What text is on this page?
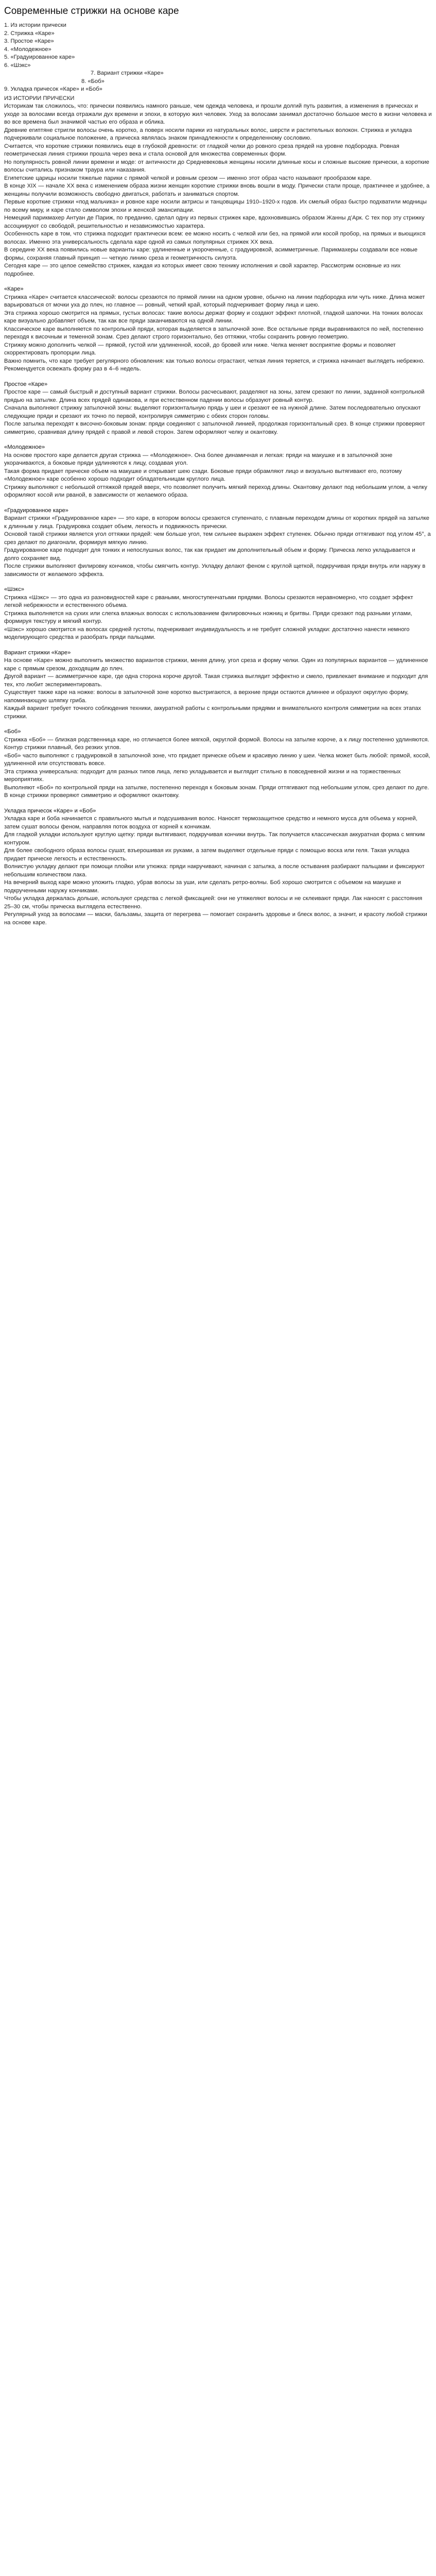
Современные стрижки на основе каре
1. Из истории прически
2. Стрижка «Каре»
3. Простое «Каре»
4. «Молодежное»
5. «Градуированное каре»
6. «Шэкс»
7. Вариант стрижки «Каре»
8. «Боб»
9. Укладка причесок «Каре» и «Боб»
ИЗ ИСТОРИИ ПРИЧЕСКИ

Историкам так сложилось, что: прически появились намного раньше, чем одежда человека, и прошли долгий путь развития, а изменения в прическах и уходе за волосами всегда отражали дух времени и эпохи, в которую жил человек. Уход за волосами занимал достаточно большое место в жизни человека и во все времена был значимой частью его образа и облика.

Древние египтяне стригли волосы очень коротко, а поверх носили парики из натуральных волос, шерсти и растительных волокон. Стрижка и укладка подчеркивали социальное положение, а прическа являлась знаком принадлежности к определенному сословию.

Считается, что короткие стрижки появились еще в глубокой древности: от гладкой челки до ровного среза прядей на уровне подбородка. Ровная геометрическая линия стрижки прошла через века и стала основой для множества современных форм.

Но популярность ровной линии времени и моде: от античности до Средневековья женщины носили длинные косы и сложные высокие прически, а короткие волосы считались признаком траура или наказания.

Египетские царицы носили тяжелые парики с прямой челкой и ровным срезом — именно этот образ часто называют прообразом каре.

В конце XIX — начале XX века с изменением образа жизни женщин короткие стрижки вновь вошли в моду. Прически стали проще, практичнее и удобнее, а женщины получили возможность свободно двигаться, работать и заниматься спортом.

Первые короткие стрижки «под мальчика» и ровное каре носили актрисы и танцовщицы 1910–1920-х годов. Их смелый образ быстро подхватили модницы по всему миру, и каре стало символом эпохи и женской эмансипации.

Немецкий парикмахер Антуан де Париж, по преданию, сделал одну из первых стрижек каре, вдохновившись образом Жанны д’Арк. С тех пор эту стрижку ассоциируют со свободой, решительностью и независимостью характера.

Особенность каре в том, что стрижка подходит практически всем: ее можно носить с челкой или без, на прямой или косой пробор, на прямых и вьющихся волосах. Именно эта универсальность сделала каре одной из самых популярных стрижек XX века.

В середине XX века появились новые варианты каре: удлиненные и укороченные, с градуировкой, асимметричные. Парикмахеры создавали все новые формы, сохраняя главный принцип — четкую линию среза и геометричность силуэта.

Сегодня каре — это целое семейство стрижек, каждая из которых имеет свою технику исполнения и свой характер. Рассмотрим основные из них подробнее.

«Каре»

Стрижка «Каре» считается классической: волосы срезаются по прямой линии на одном уровне, обычно на линии подбородка или чуть ниже. Длина может варьироваться от мочки уха до плеч, но главное — ровный, четкий край, который подчеркивает форму лица и шею.

Эта стрижка хорошо смотрится на прямых, густых волосах: такие волосы держат форму и создают эффект плотной, гладкой шапочки. На тонких волосах каре визуально добавляет объем, так как все пряди заканчиваются на одной линии.

Классическое каре выполняется по контрольной пряди, которая выделяется в затылочной зоне. Все остальные пряди выравниваются по ней, постепенно переходя к височным и теменной зонам. Срез делают строго горизонтально, без оттяжки, чтобы сохранить ровную геометрию.

Стрижку можно дополнить челкой — прямой, густой или удлиненной, косой, до бровей или ниже. Челка меняет восприятие формы и позволяет скорректировать пропорции лица.

Важно помнить, что каре требует регулярного обновления: как только волосы отрастают, четкая линия теряется, и стрижка начинает выглядеть небрежно. Рекомендуется освежать форму раз в 4–6 недель.

Простое «Каре»

Простое каре — самый быстрый и доступный вариант стрижки. Волосы расчесывают, разделяют на зоны, затем срезают по линии, заданной контрольной прядью на затылке. Длина всех прядей одинакова, и при естественном падении волосы образуют ровный контур.

Сначала выполняют стрижку затылочной зоны: выделяют горизонтальную прядь у шеи и срезают ее на нужной длине. Затем последовательно опускают следующие пряди и срезают их точно по первой, контролируя симметрию с обеих сторон головы.

После затылка переходят к височно-боковым зонам: пряди соединяют с затылочной линией, продолжая горизонтальный срез. В конце стрижки проверяют симметрию, сравнивая длину прядей с правой и левой сторон. Затем оформляют челку и окантовку.

«Молодежное»

На основе простого каре делается другая стрижка — «Молодежное». Она более динамичная и легкая: пряди на макушке и в затылочной зоне укорачиваются, а боковые пряди удлиняются к лицу, создавая угол.

Такая форма придает прическе объем на макушке и открывает шею сзади. Боковые пряди обрамляют лицо и визуально вытягивают его, поэтому «Молодежное» каре особенно хорошо подходит обладательницам круглого лица.

Стрижку выполняют с небольшой оттяжкой прядей вверх, что позволяет получить мягкий переход длины. Окантовку делают под небольшим углом, а челку оформляют косой или рваной, в зависимости от желаемого образа.

«Градуированное каре»

Вариант стрижки «Градуированное каре» — это каре, в котором волосы срезаются ступенчато, с плавным переходом длины от коротких прядей на затылке к длинным у лица. Градуировка создает объем, легкость и подвижность прически.

Основой такой стрижки является угол оттяжки прядей: чем больше угол, тем сильнее выражен эффект ступенек. Обычно пряди оттягивают под углом 45°, а срез делают по диагонали, формируя мягкую линию.

Градуированное каре подходит для тонких и непослушных волос, так как придает им дополнительный объем и форму. Прическа легко укладывается и долго сохраняет вид.

После стрижки выполняют филировку кончиков, чтобы смягчить контур. Укладку делают феном с круглой щеткой, подкручивая пряди внутрь или наружу в зависимости от желаемого эффекта.

«Шэкс»

Стрижка «Шэкс» — это одна из разновидностей каре с рваными, многоступенчатыми прядями. Волосы срезаются неравномерно, что создает эффект легкой небрежности и естественного объема.

Стрижка выполняется на сухих или слегка влажных волосах с использованием филировочных ножниц и бритвы. Пряди срезают под разными углами, формируя текстуру и мягкий контур.

«Шэкс» хорошо смотрится на волосах средней густоты, подчеркивает индивидуальность и не требует сложной укладки: достаточно нанести немного моделирующего средства и разобрать пряди пальцами.

Вариант стрижки «Каре»

На основе «Каре» можно выполнить множество вариантов стрижки, меняя длину, угол среза и форму челки. Один из популярных вариантов — удлиненное каре с прямым срезом, доходящим до плеч.

Другой вариант — асимметричное каре, где одна сторона короче другой. Такая стрижка выглядит эффектно и смело, привлекает внимание и подходит для тех, кто любит экспериментировать.

Существует также каре на ножке: волосы в затылочной зоне коротко выстригаются, а верхние пряди остаются длиннее и образуют округлую форму, напоминающую шляпку гриба.

Каждый вариант требует точного соблюдения техники, аккуратной работы с контрольными прядями и внимательного контроля симметрии на всех этапах стрижки.

«Боб»

Стрижка «Боб» — близкая родственница каре, но отличается более мягкой, округлой формой. Волосы на затылке короче, а к лицу постепенно удлиняются. Контур стрижки плавный, без резких углов.

«Боб» часто выполняют с градуировкой в затылочной зоне, что придает прическе объем и красивую линию у шеи. Челка может быть любой: прямой, косой, удлиненной или отсутствовать вовсе.

Эта стрижка универсальна: подходит для разных типов лица, легко укладывается и выглядит стильно в повседневной жизни и на торжественных мероприятиях.

Выполняют «Боб» по контрольной пряди на затылке, постепенно переходя к боковым зонам. Пряди оттягивают под небольшим углом, срез делают по дуге. В конце стрижки проверяют симметрию и оформляют окантовку.

Укладка причесок «Каре» и «Боб»

Укладка каре и боба начинается с правильного мытья и подсушивания волос. Наносят термозащитное средство и немного мусса для объема у корней, затем сушат волосы феном, направляя поток воздуха от корней к кончикам.

Для гладкой укладки используют круглую щетку: пряди вытягивают, подкручивая кончики внутрь. Так получается классическая аккуратная форма с мягким контуром.

Для более свободного образа волосы сушат, взъерошивая их руками, а затем выделяют отдельные пряди с помощью воска или геля. Такая укладка придает прическе легкость и естественность.

Волнистую укладку делают при помощи плойки или утюжка: пряди накручивают, начиная с затылка, а после остывания разбирают пальцами и фиксируют небольшим количеством лака.

На вечерний выход каре можно уложить гладко, убрав волосы за уши, или сделать ретро-волны. Боб хорошо смотрится с объемом на макушке и подкрученными наружу кончиками.

Чтобы укладка держалась дольше, используют средства с легкой фиксацией: они не утяжеляют волосы и не склеивают пряди. Лак наносят с расстояния 25–30 см, чтобы прическа выглядела естественно.

Регулярный уход за волосами — маски, бальзамы, защита от перегрева — помогает сохранить здоровье и блеск волос, а значит, и красоту любой стрижки на основе каре.
